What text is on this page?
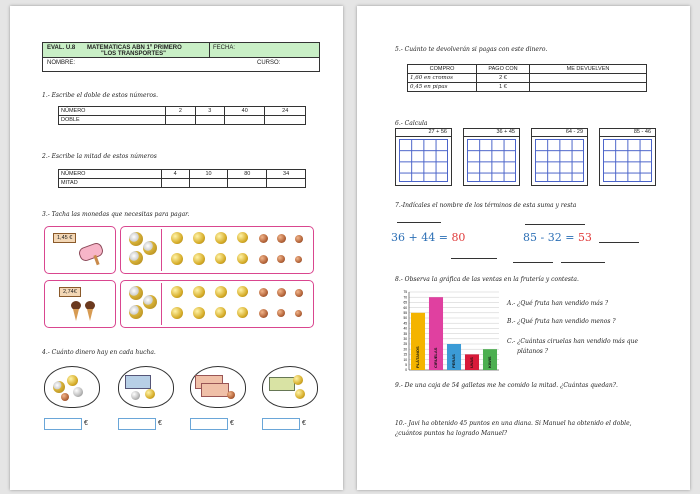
EVAL. U.8 MATEMATICAS ABN 1º PRIMERO
"LOS TRANSPORTES"
FECHA:
NOMBRE:	CURSO:
1.- Escribe el doble de estos números.
NÚMERO	2	3	40	24
DOBLE				
2.- Escribe la mitad de estos números
NÚMERO	4	10	80	34
MITAD				
3.- Tacha las monedas que necesitas para pagar.
1,45 €
2,74€
4.- Cuánto dinero hay en cada hucha.
€	€	€	€
5.- Cuánto te devolverán si pagas con este dinero.
COMPRO	PAGO CON	ME DEVUELVEN
1,60 en cromos	2 €	
0,45 en pipas	1 €	
6.- Calcula
27 + 56	36 + 45	64 - 29	85 - 46
7.-Indícales el nombre de los términos de esta suma y resta
36 + 44 = 80	85 - 32 = 53
8.- Observa la gráfica de las ventas en la frutería y contesta.
0
5
10
15
20
25
30
35
40
45
50
55
60
65
70
75
PLÁTANOS	CIRUELAS	PERAS	UVAS	KIWIS
A.- ¿Qué fruta han vendido más ?
B.- ¿Qué fruta han vendido menos ?
C.- ¿Cuántas ciruelas han vendido más que
plátanos ?
9.- De una caja de 54 galletas me he comido la mitad. ¿Cuántas quedan?.
10.- Javi ha obtenido 45 puntos en una diana. Si Manuel ha obtenido el doble,
¿cuántos puntos ha logrado Manuel?
